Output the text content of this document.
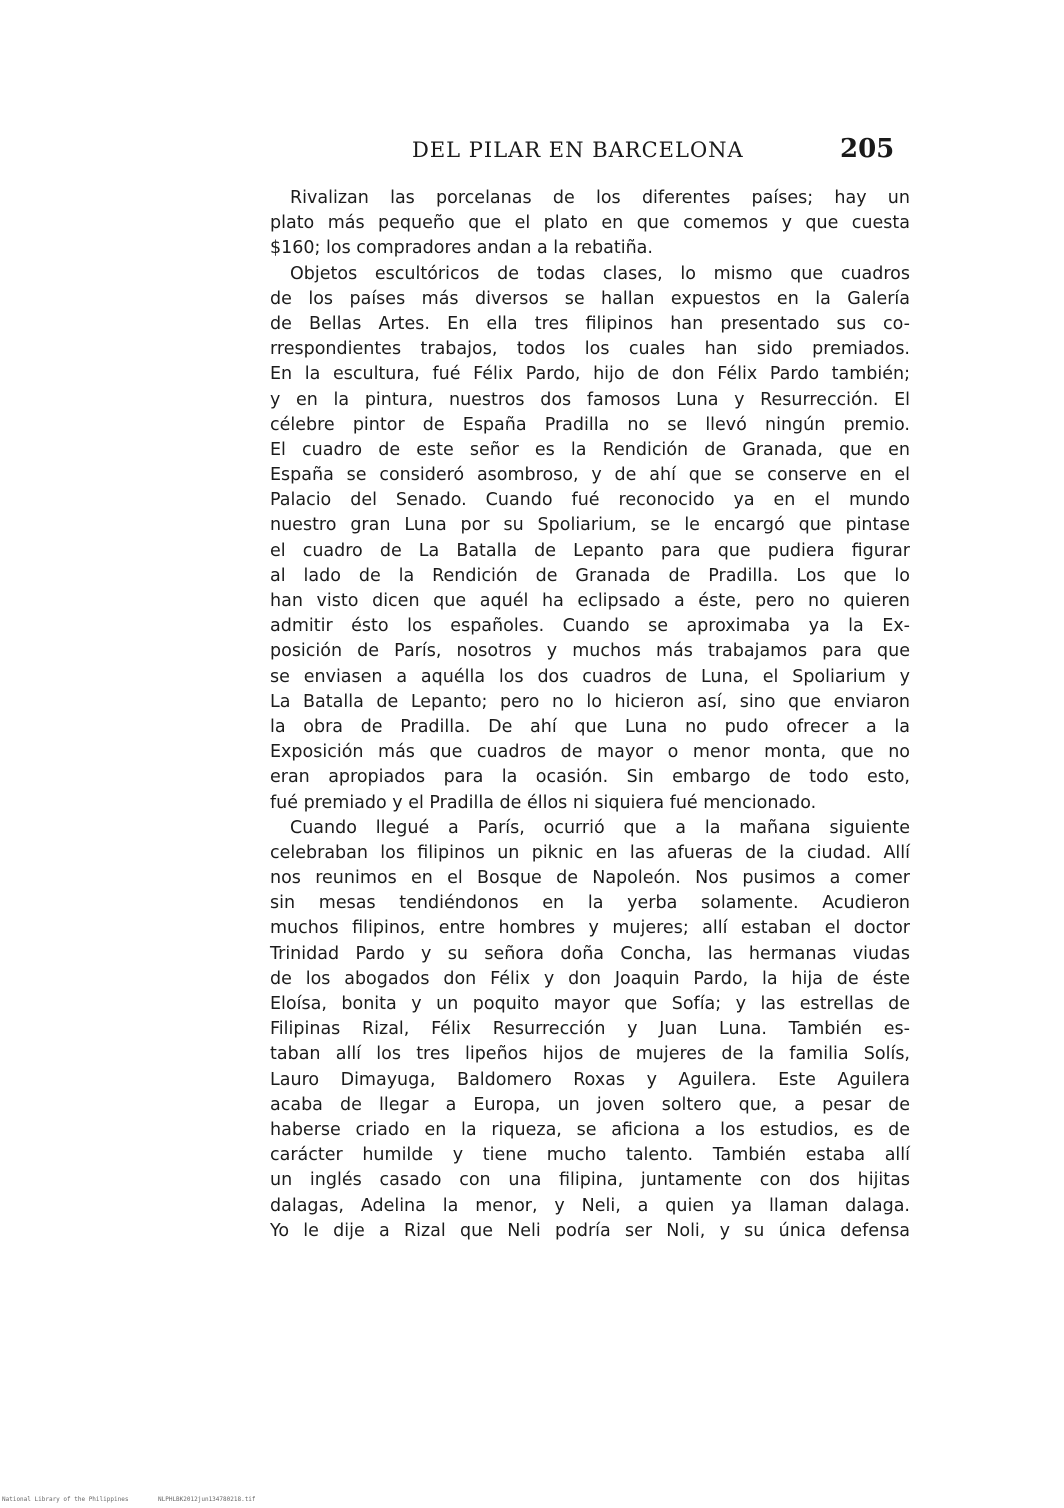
DEL PILAR EN BARCELONA	205
Rivalizan las porcelanas de los diferentes países; hay un
plato más pequeño que el plato en que comemos y que cuesta
$160; los compradores andan a la rebatiña.
Objetos escultóricos de todas clases, lo mismo que cuadros
de los países más diversos se hallan expuestos en la Galería
de Bellas Artes. En ella tres filipinos han presentado sus co-
rrespondientes trabajos, todos los cuales han sido premiados.
En la escultura, fué Félix Pardo, hijo de don Félix Pardo también;
y en la pintura, nuestros dos famosos Luna y Resurrección. El
célebre pintor de España Pradilla no se llevó ningún premio.
El cuadro de este señor es la Rendición de Granada, que en
España se consideró asombroso, y de ahí que se conserve en el
Palacio del Senado. Cuando fué reconocido ya en el mundo
nuestro gran Luna por su Spoliarium, se le encargó que pintase
el cuadro de La Batalla de Lepanto para que pudiera figurar
al lado de la Rendición de Granada de Pradilla. Los que lo
han visto dicen que aquél ha eclipsado a éste, pero no quieren
admitir ésto los españoles. Cuando se aproximaba ya la Ex-
posición de París, nosotros y muchos más trabajamos para que
se enviasen a aquélla los dos cuadros de Luna, el Spoliarium y
La Batalla de Lepanto; pero no lo hicieron así, sino que enviaron
la obra de Pradilla. De ahí que Luna no pudo ofrecer a la
Exposición más que cuadros de mayor o menor monta, que no
eran apropiados para la ocasión. Sin embargo de todo esto,
fué premiado y el Pradilla de éllos ni siquiera fué mencionado.
Cuando llegué a París, ocurrió que a la mañana siguiente
celebraban los filipinos un piknic en las afueras de la ciudad. Allí
nos reunimos en el Bosque de Napoleón. Nos pusimos a comer
sin mesas tendiéndonos en la yerba solamente. Acudieron
muchos filipinos, entre hombres y mujeres; allí estaban el doctor
Trinidad Pardo y su señora doña Concha, las hermanas viudas
de los abogados don Félix y don Joaquin Pardo, la hija de éste
Eloísa, bonita y un poquito mayor que Sofía; y las estrellas de
Filipinas Rizal, Félix Resurrección y Juan Luna. También es-
taban allí los tres lipeños hijos de mujeres de la familia Solís,
Lauro Dimayuga, Baldomero Roxas y Aguilera. Este Aguilera
acaba de llegar a Europa, un joven soltero que, a pesar de
haberse criado en la riqueza, se aficiona a los estudios, es de
carácter humilde y tiene mucho talento. También estaba allí
un inglés casado con una filipina, juntamente con dos hijitas
dalagas, Adelina la menor, y Neli, a quien ya llaman dalaga.
Yo le dije a Rizal que Neli podría ser Noli, y su única defensa
National Library of the Philippines	NLPHLBK2012jun134780218.tif
